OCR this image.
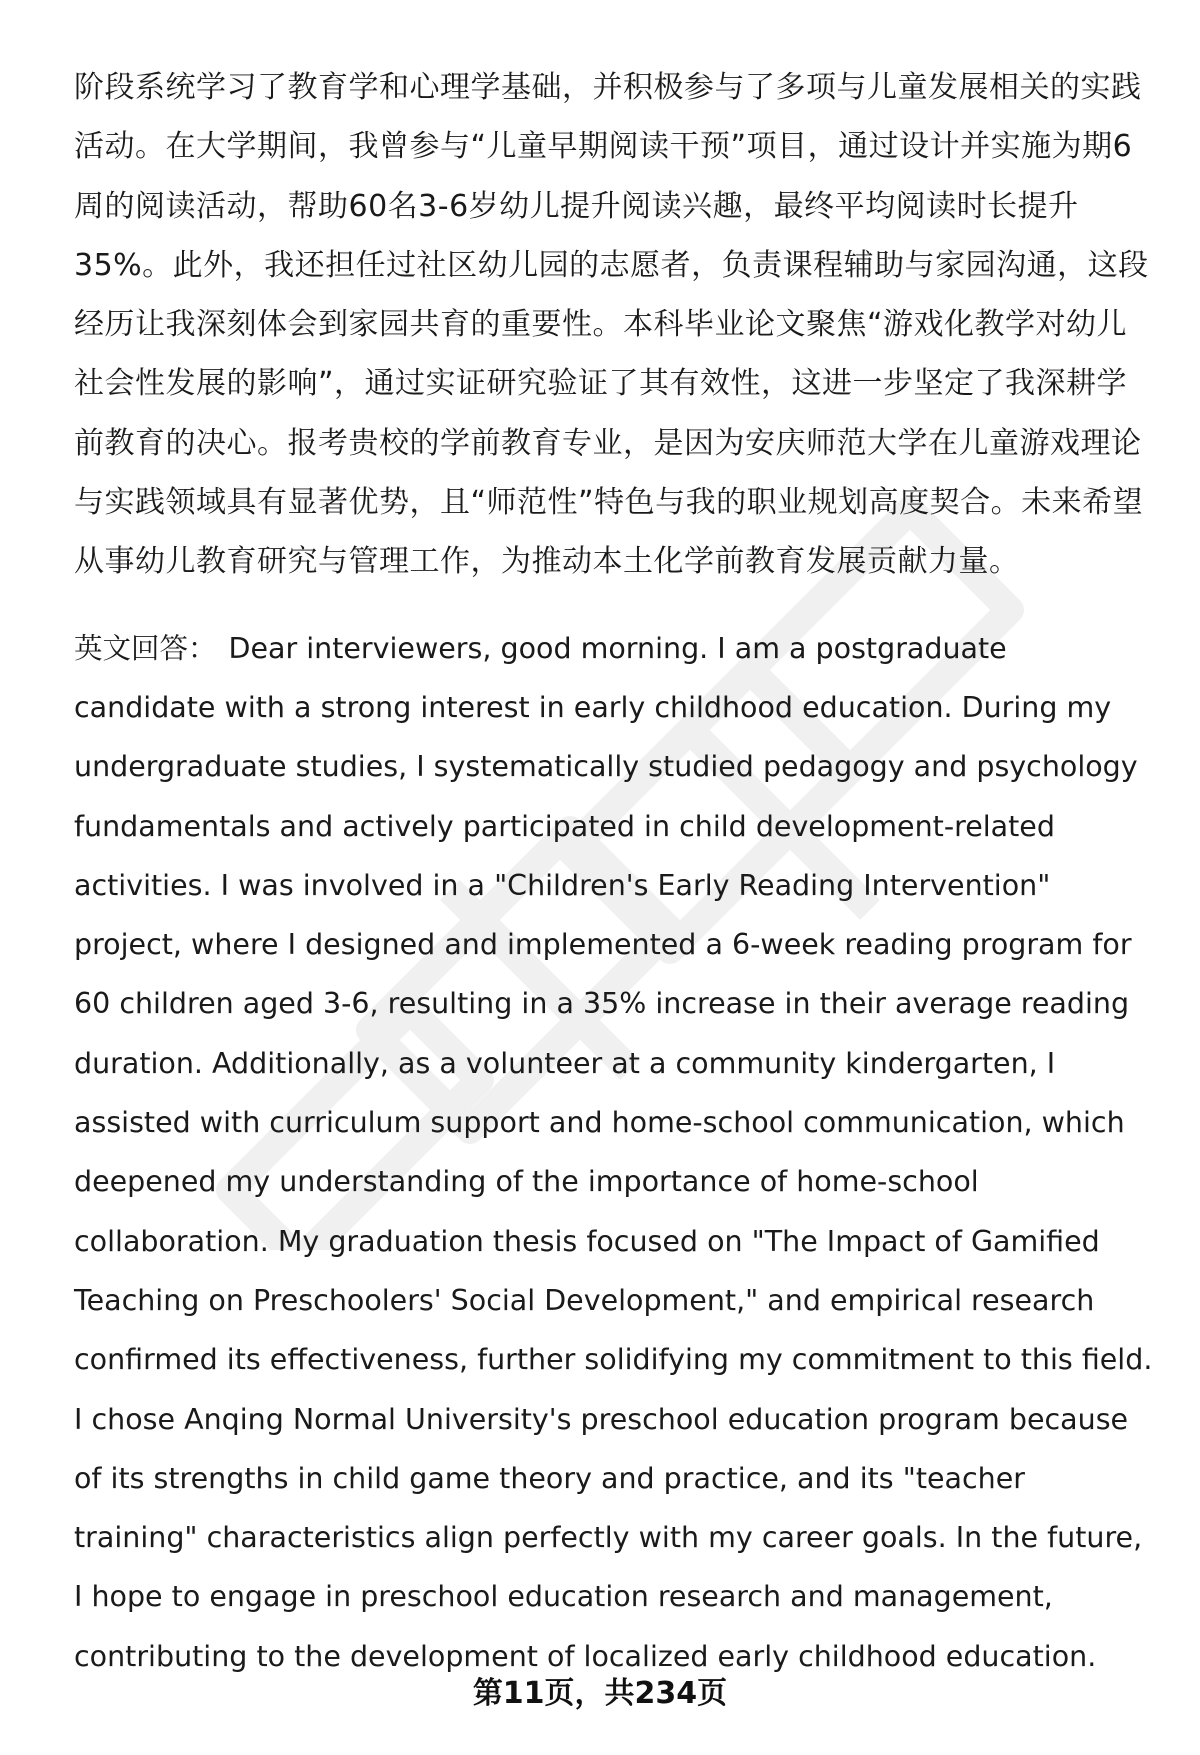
阶段系统学习了教育学和心理学基础，并积极参与了多项与儿童发展相关的实践活动。在大学期间，我曾参与“儿童早期阅读干预”项目，通过设计并实施为期6周的阅读活动，帮助60名3-6岁幼儿提升阅读兴趣，最终平均阅读时长提升35%。此外，我还担任过社区幼儿园的志愿者，负责课程辅助与家园沟通，这段经历让我深刻体会到家园共育的重要性。本科毕业论文聚焦“游戏化教学对幼儿社会性发展的影响”，通过实证研究验证了其有效性，这进一步坚定了我深耕学前教育的决心。报考贵校的学前教育专业，是因为安庆师范大学在儿童游戏理论与实践领域具有显著优势，且“师范性”特色与我的职业规划高度契合。未来希望从事幼儿教育研究与管理工作，为推动本土化学前教育发展贡献力量。

英文回答： Dear interviewers, good morning. I am a postgraduate candidate with a strong interest in early childhood education. During my undergraduate studies, I systematically studied pedagogy and psychology fundamentals and actively participated in child development-related activities. I was involved in a "Children's Early Reading Intervention" project, where I designed and implemented a 6-week reading program for 60 children aged 3-6, resulting in a 35% increase in their average reading duration. Additionally, as a volunteer at a community kindergarten, I assisted with curriculum support and home-school communication, which deepened my understanding of the importance of home-school collaboration. My graduation thesis focused on "The Impact of Gamified Teaching on Preschoolers' Social Development," and empirical research confirmed its effectiveness, further solidifying my commitment to this field. I chose Anqing Normal University's preschool education program because of its strengths in child game theory and practice, and its "teacher training" characteristics align perfectly with my career goals. In the future, I hope to engage in preschool education research and management, contributing to the development of localized early childhood education.

第11页，共234页
